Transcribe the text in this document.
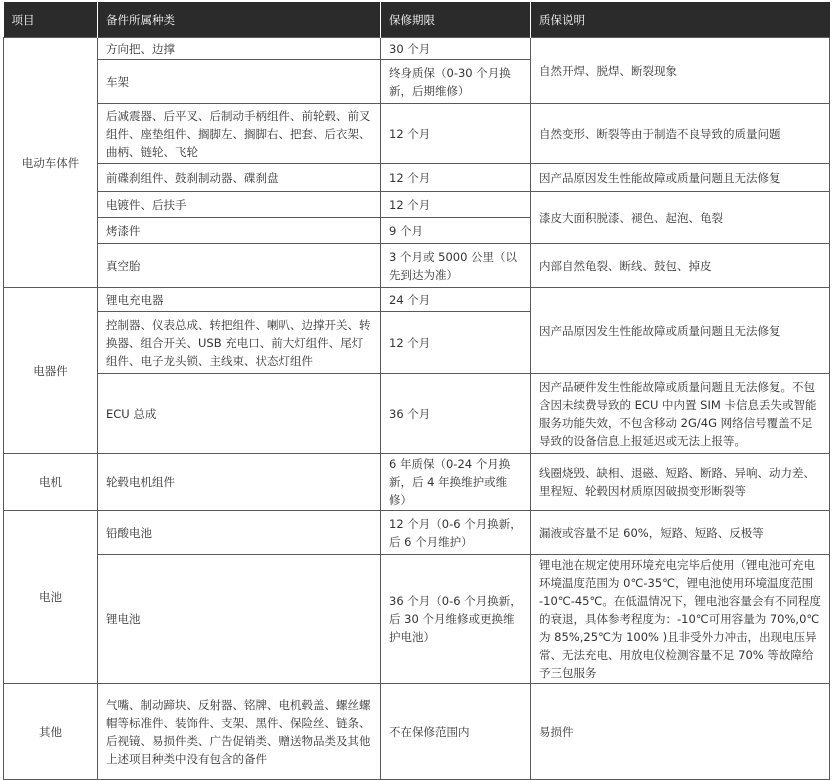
项目	备件所属种类	保修期限	质保说明
电动车体件	方向把、边撑	30 个月	自然开焊、脱焊、断裂现象
	车架	终身质保（0-30 个月换新，后期维修）	
	后减震器、后平叉、后制动手柄组件、前轮毂、前叉组件、座垫组件、搁脚左、搁脚右、把套、后衣架、曲柄、链轮、飞轮	12 个月	自然变形、断裂等由于制造不良导致的质量问题
	前碟刹组件、鼓刹制动器、碟刹盘	12 个月	因产品原因发生性能故障或质量问题且无法修复
	电镀件、后扶手	12 个月	漆皮大面积脱漆、褪色、起泡、龟裂
	烤漆件	9 个月	
	真空胎	3 个月或 5000 公里（以先到达为准）	内部自然龟裂、断线、鼓包、掉皮
电器件	锂电充电器	24 个月	因产品原因发生性能故障或质量问题且无法修复
	控制器、仪表总成、转把组件、喇叭、边撑开关、转换器、组合开关、USB 充电口、前大灯组件、尾灯组件、电子龙头锁、主线束、状态灯组件	12 个月	
	ECU 总成	36 个月	因产品硬件发生性能故障或质量问题且无法修复。不包含因未续费导致的 ECU 中内置 SIM 卡信息丢失或智能服务功能失效，不包含移动 2G/4G 网络信号覆盖不足导致的设备信息上报延迟或无法上报等。
电机	轮毂电机组件	6 年质保（0-24 个月换新，后 4 年换维护或维修）	线圈烧毁、缺相、退磁、短路、断路、异响、动力差、里程短、轮毂因材质原因破损变形断裂等
电池	铅酸电池	12 个月（0-6 个月换新，后 6 个月维护）	漏液或容量不足 60%，短路、短路、反极等
	锂电池	36 个月（0-6 个月换新，后 30 个月维修或更换维护电池）	锂电池在规定使用环境充电完毕后使用（锂电池可充电环境温度范围为 0℃-35℃，锂电池使用环境温度范围 -10℃-45℃。在低温情况下，锂电池容量会有不同程度的衰退，具体参考程度为：-10℃可用容量为 70%,0℃为 85%,25℃为 100% )且非受外力冲击，出现电压异常、无法充电、用放电仪检测容量不足 70% 等故障给予三包服务
其他	气嘴、制动蹄块、反射器、铭牌、电机毂盖、螺丝螺帽等标准件、装饰件、支架、黑件、保险丝、链条、后视镜、易损件类、广告促销类、赠送物品类及其他上述项目种类中没有包含的备件	不在保修范围内	易损件
